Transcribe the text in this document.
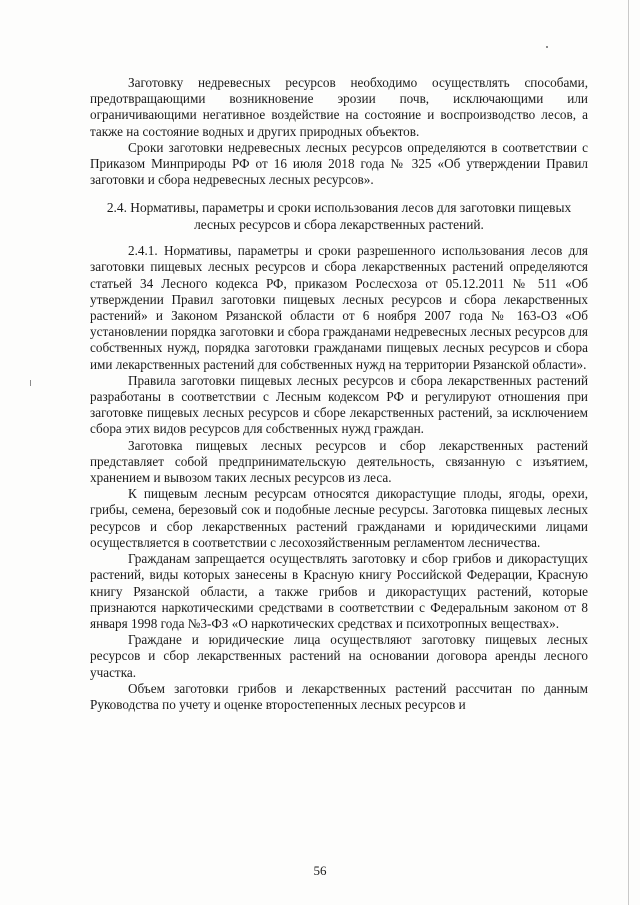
Заготовку недревесных ресурсов необходимо осуществлять способами, предотвращающими возникновение эрозии почв, исключающими или ограничивающими негативное воздействие на состояние и воспроизводство лесов, а также на состояние водных и других природных объектов.

Сроки заготовки недревесных лесных ресурсов определяются в соответствии с Приказом Минприроды РФ от 16 июля 2018 года № 325 «Об утверждении Правил заготовки и сбора недревесных лесных ресурсов».

2.4. Нормативы, параметры и сроки использования лесов для заготовки пищевых лесных ресурсов и сбора лекарственных растений.

2.4.1. Нормативы, параметры и сроки разрешенного использования лесов для заготовки пищевых лесных ресурсов и сбора лекарственных растений определяются статьей 34 Лесного кодекса РФ, приказом Рослесхоза от 05.12.2011 № 511 «Об утверждении Правил заготовки пищевых лесных ресурсов и сбора лекарственных растений» и Законом Рязанской области от 6 ноября 2007 года № 163-ОЗ «Об установлении порядка заготовки и сбора гражданами недревесных лесных ресурсов для собственных нужд, порядка заготовки гражданами пищевых лесных ресурсов и сбора ими лекарственных растений для собственных нужд на территории Рязанской области».

Правила заготовки пищевых лесных ресурсов и сбора лекарственных растений разработаны в соответствии с Лесным кодексом РФ и регулируют отношения при заготовке пищевых лесных ресурсов и сборе лекарственных растений, за исключением сбора этих видов ресурсов для собственных нужд граждан.

Заготовка пищевых лесных ресурсов и сбор лекарственных растений представляет собой предпринимательскую деятельность, связанную с изъятием, хранением и вывозом таких лесных ресурсов из леса.

К пищевым лесным ресурсам относятся дикорастущие плоды, ягоды, орехи, грибы, семена, березовый сок и подобные лесные ресурсы. Заготовка пищевых лесных ресурсов и сбор лекарственных растений гражданами и юридическими лицами осуществляется в соответствии с лесохозяйственным регламентом лесничества.

Гражданам запрещается осуществлять заготовку и сбор грибов и дикорастущих растений, виды которых занесены в Красную книгу Российской Федерации, Красную книгу Рязанской области, а также грибов и дикорастущих растений, которые признаются наркотическими средствами в соответствии с Федеральным законом от 8 января 1998 года №3-ФЗ «О наркотических средствах и психотропных веществах».

Граждане и юридические лица осуществляют заготовку пищевых лесных ресурсов и сбор лекарственных растений на основании договора аренды лесного участка.

Объем заготовки грибов и лекарственных растений рассчитан по данным Руководства по учету и оценке второстепенных лесных ресурсов и

56
